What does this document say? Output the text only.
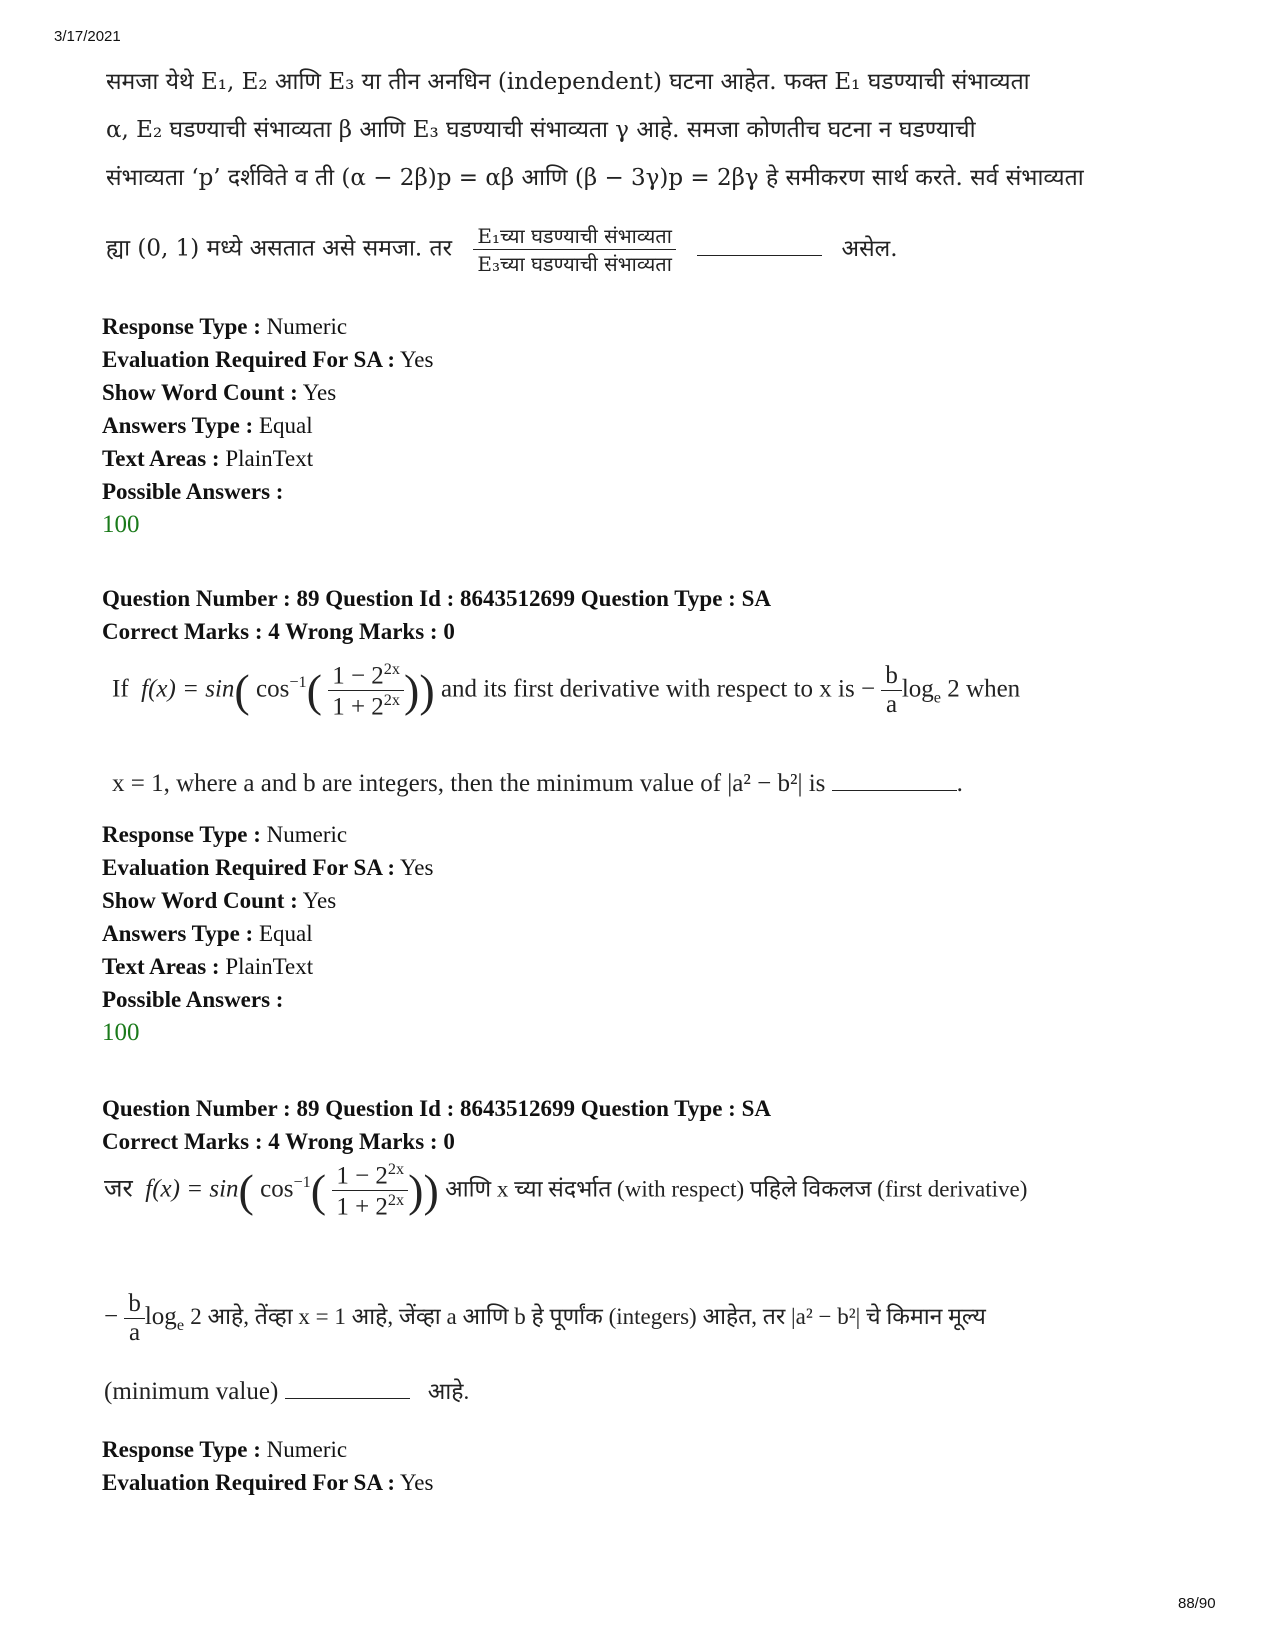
3/17/2021
समजा येथे E₁, E₂ आणि E₃ या तीन अनधिन (independent) घटना आहेत. फक्त E₁ घडण्याची संभाव्यता
α, E₂ घडण्याची संभाव्यता β आणि E₃ घडण्याची संभाव्यता γ आहे. समजा कोणतीच घटना न घडण्याची
संभाव्यता ‘p’ दर्शविते व ती (α − 2β)p = αβ आणि (β − 3γ)p = 2βγ हे समीकरण सार्थ करते. सर्व संभाव्यता
ह्या (0, 1) मध्ये असतात असे समजा. तर $\frac{\text{E₁च्या घडण्याची संभाव्यता}}{\text{E₃च्या घडण्याची संभाव्यता}}$	असेल.
Response Type : Numeric
Evaluation Required For SA : Yes
Show Word Count : Yes
Answers Type : Equal
Text Areas : PlainText
Possible Answers :
100
Question Number : 89 Question Id : 8643512699 Question Type : SA
Correct Marks : 4 Wrong Marks : 0
If f(x) = sin( $\cos^{-1}( \frac{1 - 2^{2x}}{1 + 2^{2x}}$ )) and its first derivative with respect to x is − $\frac{b}{a} \log_e 2$ when
x = 1, where a and b are integers, then the minimum value of |a² − b²| is	.
Response Type : Numeric
Evaluation Required For SA : Yes
Show Word Count : Yes
Answers Type : Equal
Text Areas : PlainText
Possible Answers :
100
Question Number : 89 Question Id : 8643512699 Question Type : SA
Correct Marks : 4 Wrong Marks : 0
जर f(x) = sin( $\cos^{-1}( \frac{1 - 2^{2x}}{1 + 2^{2x}}$ )) आणि x च्या संदर्भात (with respect) पहिले विकलज (first derivative)
− $\frac{b}{a} \log_e 2$ आहे, तेंव्हा x = 1 आहे, जेंव्हा a आणि b हे पूर्णांक (integers) आहेत, तर |a² − b²| चे किमान मूल्य
(minimum value)	आहे.
Response Type : Numeric
Evaluation Required For SA : Yes
88/90
